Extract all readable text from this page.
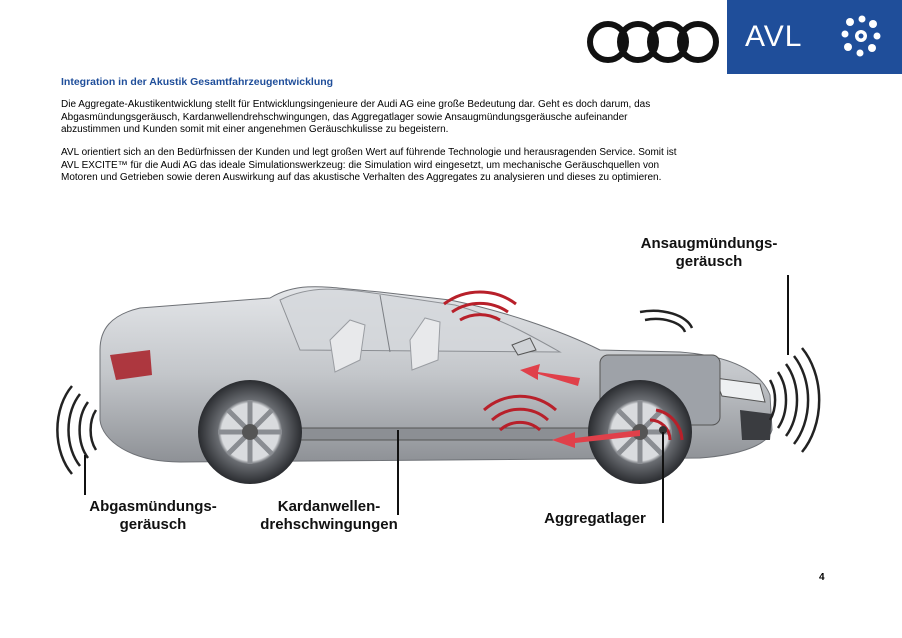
AVL
Integration in der Akustik Gesamtfahrzeugentwicklung
Die Aggregate-Akustikentwicklung stellt für Entwicklungsingenieure der Audi AG eine große Bedeutung dar. Geht es doch darum, das
Abgasmündungsgeräusch, Kardanwellendrehschwingungen, das Aggregatlager sowie Ansaugmündungsgeräusche aufeinander
abzustimmen und Kunden somit mit einer angenehmen Geräuschkulisse zu begeistern.
AVL orientiert sich an den Bedürfnissen der Kunden und legt großen Wert auf führende Technologie und herausragenden Service. Somit ist
AVL EXCITE™ für die Audi AG das ideale Simulationswerkzeug: die Simulation wird eingesetzt, um mechanische Geräuschquellen von
Motoren und Getrieben sowie deren Auswirkung auf das akustische Verhalten des Aggregates zu analysieren und dieses zu optimieren.
Ansaugmündungs-
geräusch
Abgasmündungs-
geräusch
Kardanwellen-
drehschwingungen	Aggregatlager
4
